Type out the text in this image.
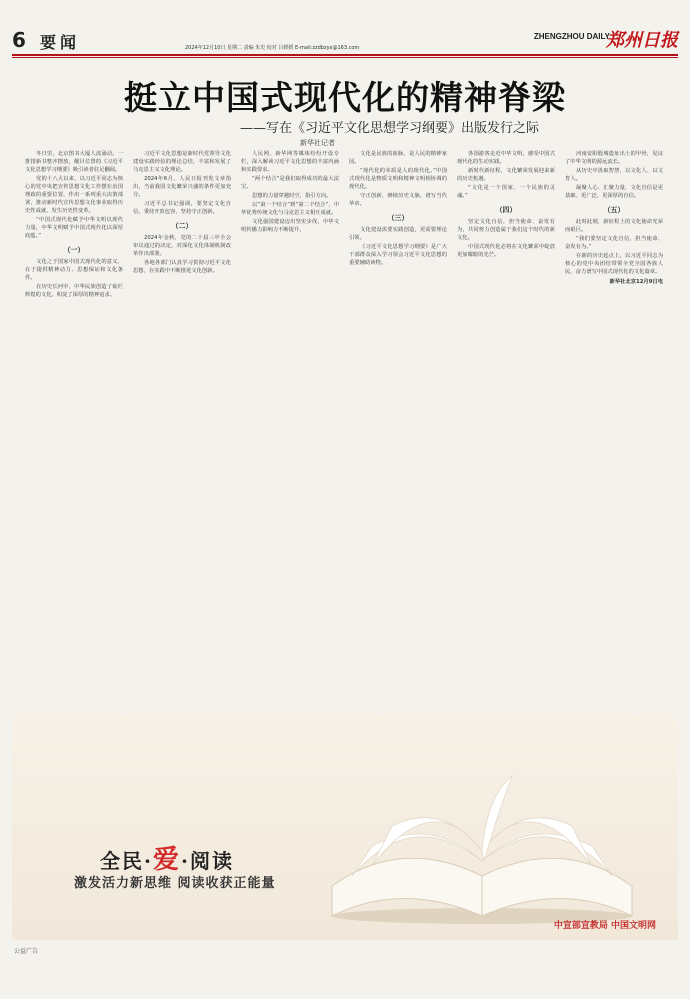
6 要闻	2024年12月10日 星期二 责编 朱史 校对 吕媛媛 E-mail:zzdbzyx@163.com
ZHENGZHOU DAILY
郑州日报
挺立中国式现代化的精神脊梁
——写在《习近平文化思想学习纲要》出版发行之际
新华社记者

冬日里，北京图书大厦人流涌动。一排排新书整齐摆放，醒目位置的《习近平文化思想学习纲要》吸引读者驻足翻阅。

党的十八大以来，以习近平同志为核心的党中央把宣传思想文化工作摆在治国理政的重要位置，作出一系列重大决策部署，推动新时代宣传思想文化事业取得历史性成就、发生历史性变革。

“中国式现代化赋予中华文明以现代力量，中华文明赋予中国式现代化以深厚底蕴。”

（一）

文化之于国家中国式现代化的意义，在于提供精神动力、思想保证和文化条件。

在历史长河中，中华民族创造了灿烂辉煌的文化，积淀了深厚的精神追求。

习近平文化思想是新时代党领导文化建设实践经验的理论总结，丰富和发展了马克思主义文化理论。

2024年6月，人民日报刊发文章指出，当前我国文化繁荣兴盛的条件更加充分。

习近平总书记强调，要坚定文化自信，秉持开放包容，坚持守正创新。

（二）

2024年金秋，党的二十届三中全会审议通过的决定，对深化文化体制机制改革作出部署。

各地各部门认真学习贯彻习近平文化思想，在实践中不断推进文化创新。

人民网、新华网等媒体纷纷开设专栏，深入解读习近平文化思想的丰富内涵和实践要求。

“两个结合”是我们取得成功的最大法宝。

思想的力量穿越时空，指引方向。

以“第一个结合”到“第二个结合”，中华优秀传统文化与马克思主义相互成就。

文化强国建设迈出坚实步伐，中华文明传播力影响力不断提升。

文化是民族的血脉，是人民的精神家园。

“现代化的本质是人的现代化。”中国式现代化是物质文明和精神文明相协调的现代化。

守正创新，赓续历史文脉，谱写当代华章。

（三）

文化建设需要实践创造，更需要理论引领。

《习近平文化思想学习纲要》是广大干部群众深入学习领会习近平文化思想的重要辅助读物。

各国游客走近中华文明，感受中国式现代化的生动实践。

新时代新征程，文化繁荣发展迎来新的历史机遇。

“文化是一个国家、一个民族的灵魂。”

（四）

坚定文化自信，担当使命、奋发有为，共同努力创造属于我们这个时代的新文化。

中国式现代化必将在文化繁荣中绽放更加耀眼的光芒。

河南安阳殷墟遗址出土的甲骨，见证了中华文明的源远流长。

从历史中汲取智慧，以文化人、以文育人。

凝聚人心、汇聚力量，文化自信是更基础、更广泛、更深厚的自信。

（五）

此时此刻，新征程上的文化使命光荣而艰巨。

“我们要坚定文化自信，担当使命、奋发有为。”

在新的历史起点上，以习近平同志为核心的党中央团结带领全党全国各族人民，奋力谱写中国式现代化的文化篇章。

新华社北京12月9日电

全民·爱·阅读
激发活力新思维 阅读收获正能量
中宣部宣教局 中国文明网
公益广告
